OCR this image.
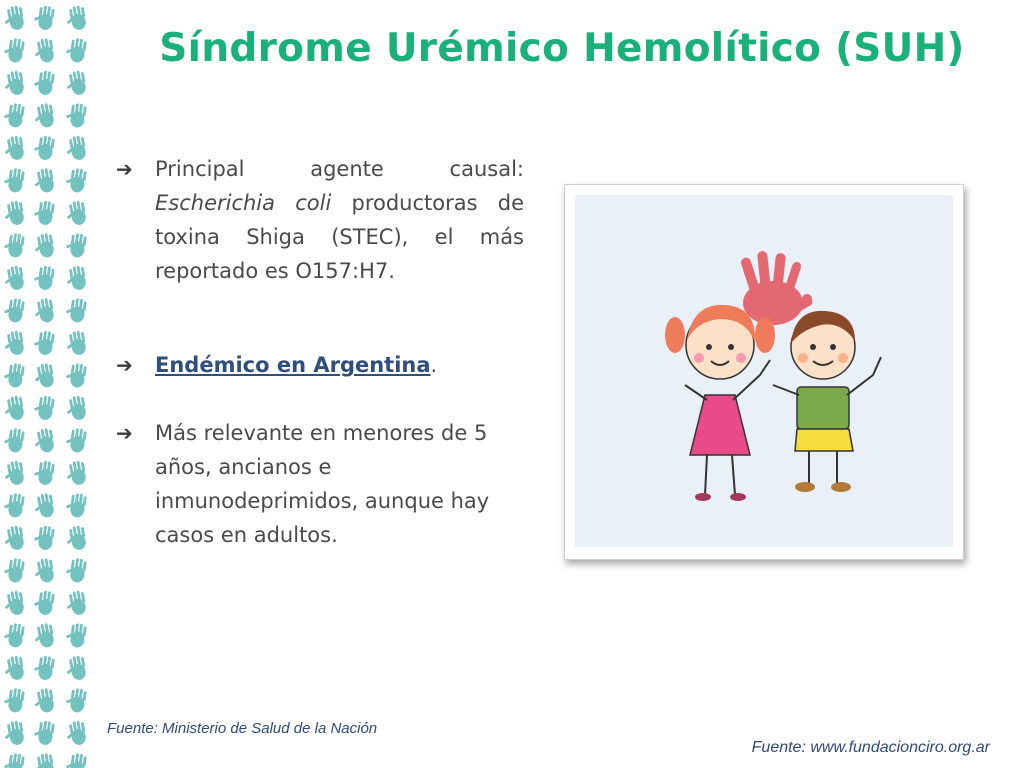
Síndrome Urémico Hemolítico (SUH)
➔ Principal agente causal: Escherichia coli productoras de toxina Shiga (STEC), el más reportado es O157:H7.
➔ Endémico en Argentina.
➔ Más relevante en menores de 5 años, ancianos e inmunodeprimidos, aunque hay casos en adultos.

Fuente: Ministerio de Salud de la Nación

Fuente: www.fundacionciro.org.ar
